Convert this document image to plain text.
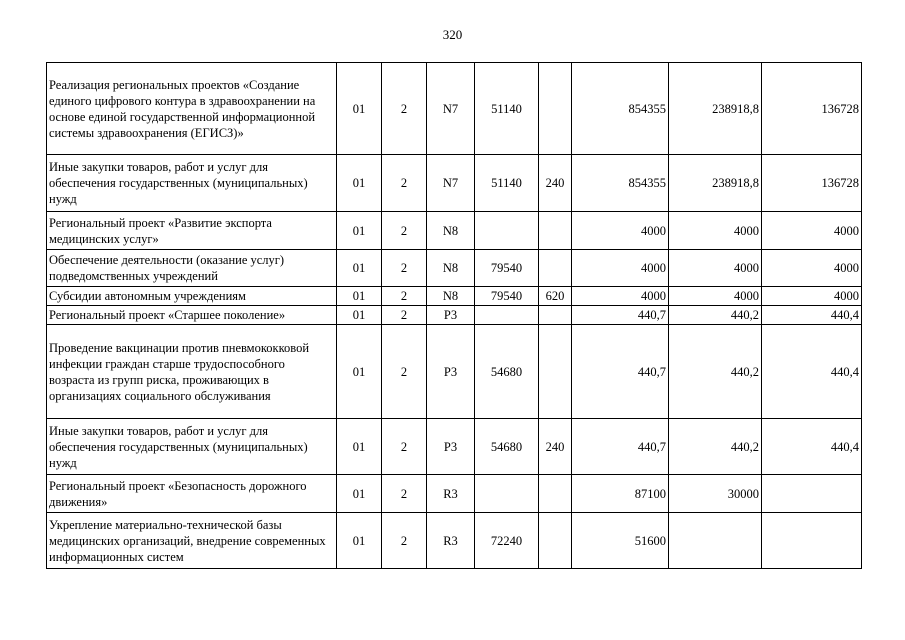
320
Реализация региональных проектов «Создание единого цифрового контура в здравоохранении на основе единой государственной информационной системы здравоохранения (ЕГИСЗ)»	01	2	N7	51140		854355	238918,8	136728
Иные закупки товаров, работ и услуг для обеспечения государственных (муниципальных) нужд	01	2	N7	51140	240	854355	238918,8	136728
Региональный проект «Развитие экспорта медицинских услуг»	01	2	N8			4000	4000	4000
Обеспечение деятельности (оказание услуг) подведомственных учреждений	01	2	N8	79540		4000	4000	4000
Субсидии автономным учреждениям	01	2	N8	79540	620	4000	4000	4000
Региональный проект «Старшее поколение»	01	2	P3			440,7	440,2	440,4
Проведение вакцинации против пневмококковой инфекции граждан старше трудоспособного возраста из групп риска, проживающих в организациях социального обслуживания	01	2	P3	54680		440,7	440,2	440,4
Иные закупки товаров, работ и услуг для обеспечения государственных (муниципальных) нужд	01	2	P3	54680	240	440,7	440,2	440,4
Региональный проект «Безопасность дорожного движения»	01	2	R3			87100	30000	
Укрепление материально-технической базы медицинских организаций, внедрение современных информационных систем	01	2	R3	72240		51600		
